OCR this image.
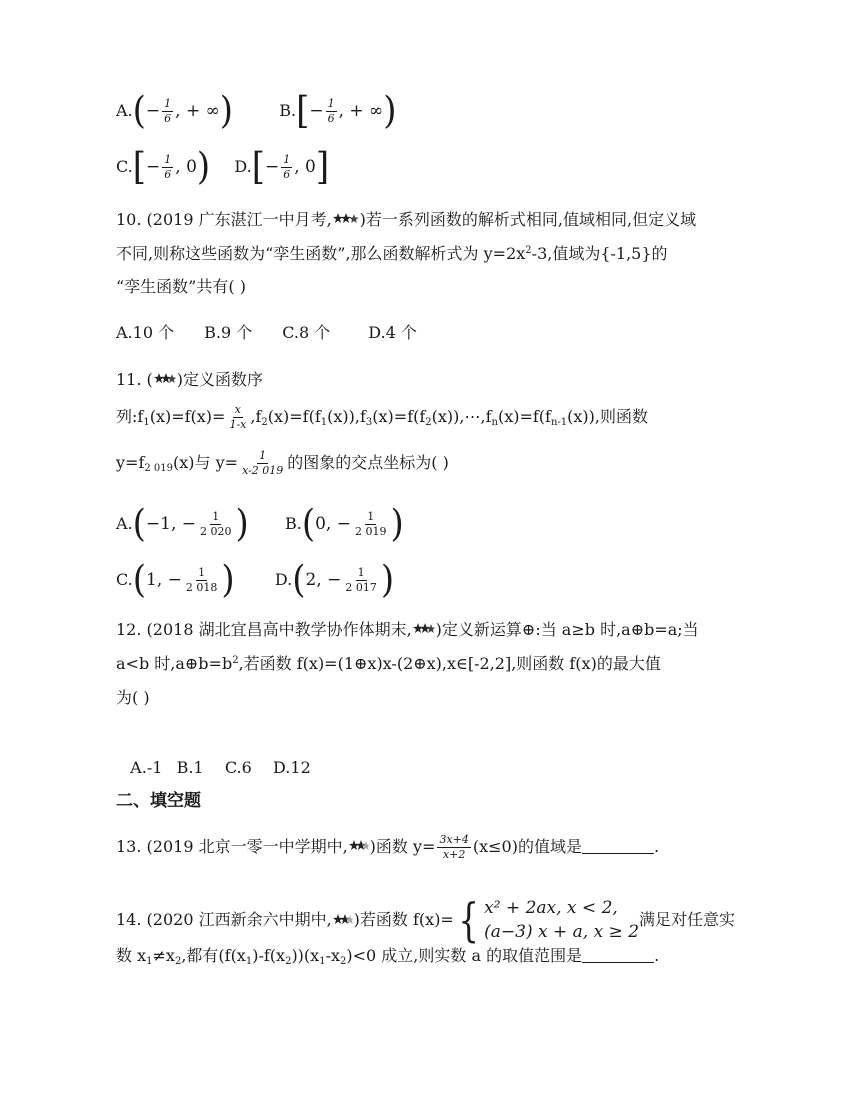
A. ( − $\frac{1}{6}$ , + ∞ )
	B. [ − $\frac{1}{6}$ , + ∞ )
C. [ − $\frac{1}{6}$ , 0 )
D. [ − $\frac{1}{6}$ , 0 ]
10. (2019 广东湛江一中月考, )若一系列函数的解析式相同,值域相同,但定义域
不同,则称这些函数为“孪生函数”,那么函数解析式为 $y=2x^2-3$,值域为{-1,5}的
“孪生函数”共有( )
A.10 个 B.9 个 C.8 个 D.4 个
11. ( )定义函数序
列$:f_1(x)=f(x)= \frac{x}{1-x}$ $,f_2(x)=f(f_1(x)),f_3(x)=f(f_2(x)),\cdots,f_n(x)=f(f_{n-1}(x))$,则函数
$y=f_{2 019}(x)$与 $y= \frac{1}{x-2 019}$ 的图象的交点坐标为( )
A. ( −1 , − $\frac{1}{2 020}$ )
B. ( 0 , − $\frac{1}{2 019}$ )
C. ( 1 , − $\frac{1}{2 018}$ )
	D. ( 2 , − $\frac{1}{2 017}$ )
12. (2018 湖北宜昌高中教学协作体期末, )定义新运算⊕:当 a≥b 时,a⊕b=a;当
a<b 时$,a\oplus b=b^2$,若函数 f(x)=(1⊕x)x-(2⊕x),x∈[-2,2],则函数 f(x)的最大值
为( )

A.-1  B.1   C.6   D.12

二、填空题
13. (2019 北京一零一中学期中, )函数 $y= \frac{3x+4}{x+2} (x\le 0)$的值域是	.
14. (2020 江西新余六中期中, )若函数 f(x)= { x² + 2ax, x < 2,
(a−3) x + a, x ≥ 2
满足对任意实
数 $x_1\ne x_2$,都有$(f(x_1)-f(x_2))(x_1-x_2)<0$ 成立,则实数 a 的取值范围是	.
